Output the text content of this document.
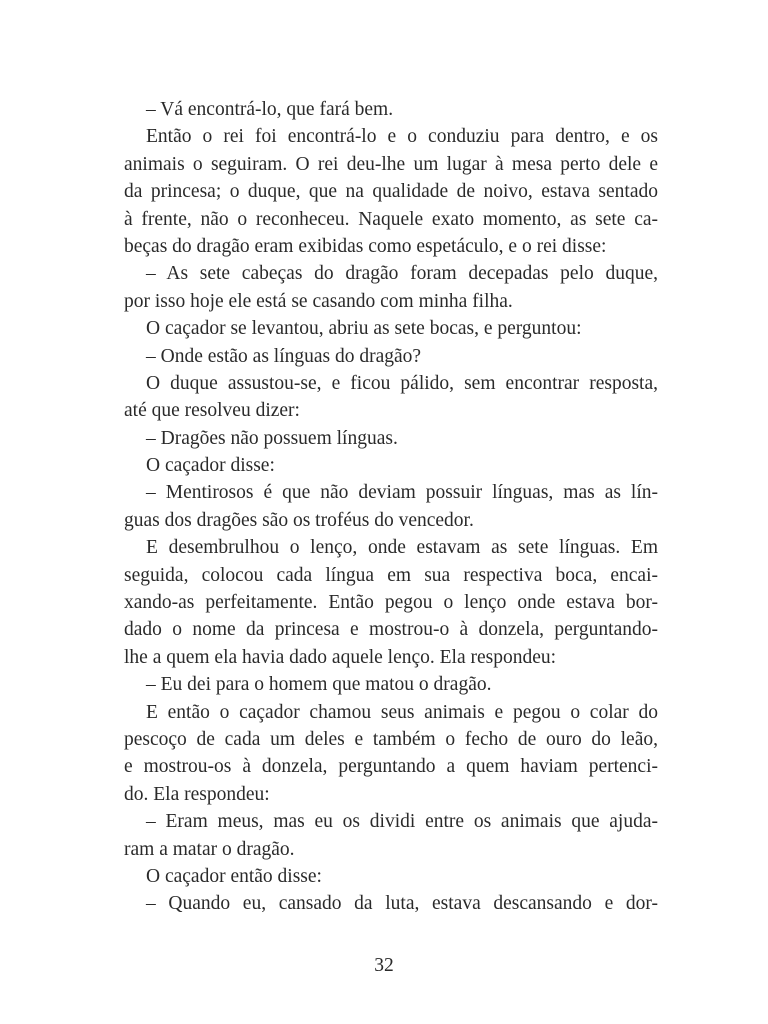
– Vá encontrá-lo, que fará bem.
Então o rei foi encontrá-lo e o conduziu para dentro, e os
animais o seguiram. O rei deu-lhe um lugar à mesa perto dele e
da princesa; o duque, que na qualidade de noivo, estava sentado
à frente, não o reconheceu. Naquele exato momento, as sete ca-
beças do dragão eram exibidas como espetáculo, e o rei disse:
– As sete cabeças do dragão foram decepadas pelo duque,
por isso hoje ele está se casando com minha filha.
O caçador se levantou, abriu as sete bocas, e perguntou:
– Onde estão as línguas do dragão?
O duque assustou-se, e ficou pálido, sem encontrar resposta,
até que resolveu dizer:
– Dragões não possuem línguas.
O caçador disse:
– Mentirosos é que não deviam possuir línguas, mas as lín-
guas dos dragões são os troféus do vencedor.
E desembrulhou o lenço, onde estavam as sete línguas. Em
seguida, colocou cada língua em sua respectiva boca, encai-
xando-as perfeitamente. Então pegou o lenço onde estava bor-
dado o nome da princesa e mostrou-o à donzela, perguntando-
lhe a quem ela havia dado aquele lenço. Ela respondeu:
– Eu dei para o homem que matou o dragão.
E então o caçador chamou seus animais e pegou o colar do
pescoço de cada um deles e também o fecho de ouro do leão,
e mostrou-os à donzela, perguntando a quem haviam pertenci-
do. Ela respondeu:
– Eram meus, mas eu os dividi entre os animais que ajuda-
ram a matar o dragão.
O caçador então disse:
– Quando eu, cansado da luta, estava descansando e dor-
32
